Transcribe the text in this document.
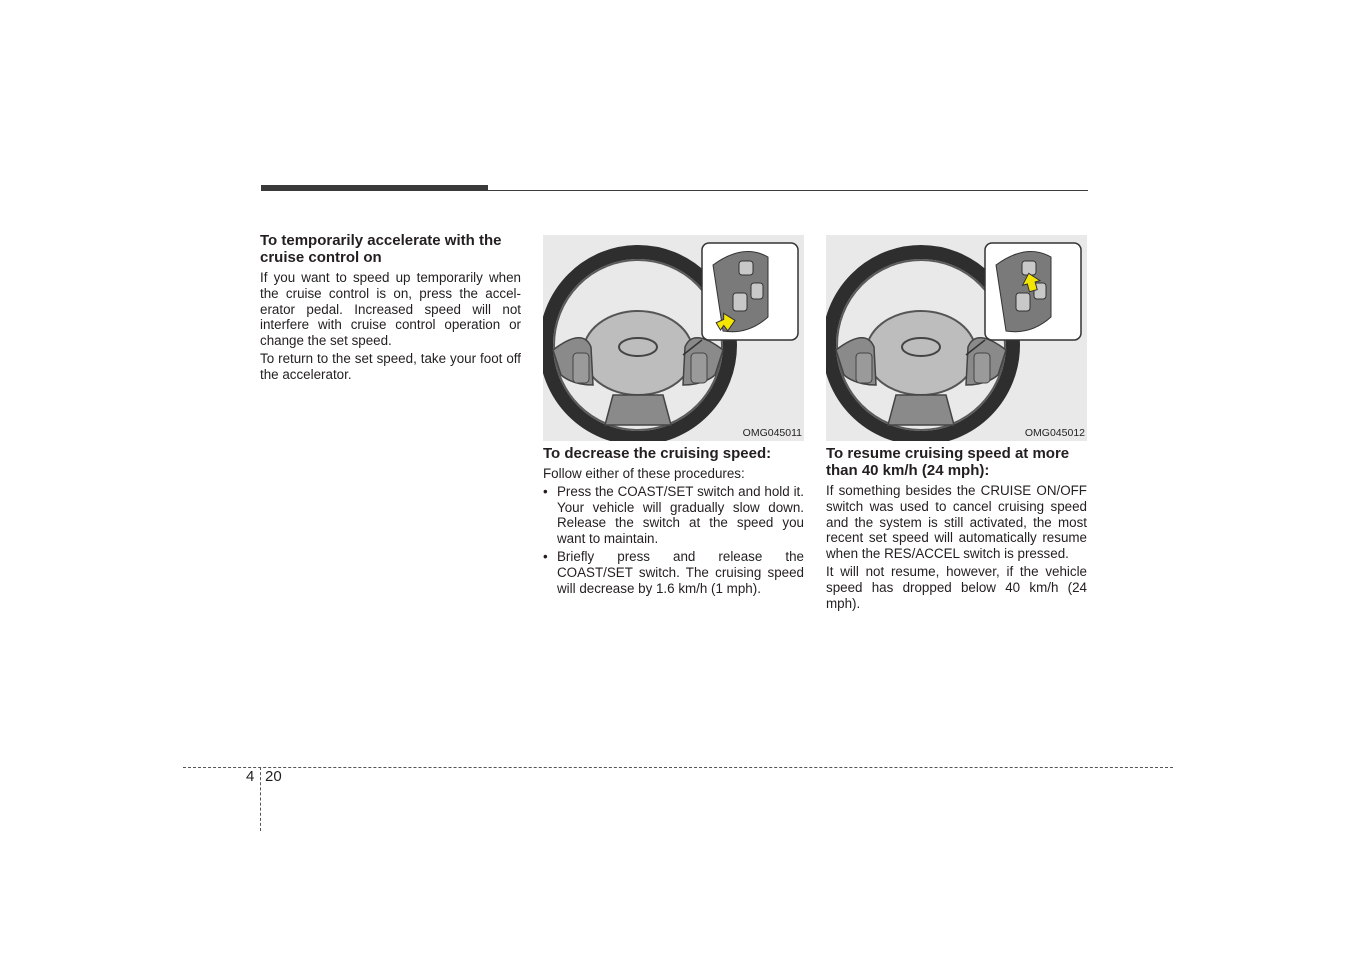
To temporarily accelerate with the cruise control on

If you want to speed up temporarily when the cruise control is on, press the accelerator pedal. Increased speed will not interfere with cruise control operation or change the set speed.

To return to the set speed, take your foot off the accelerator.

OMG045011	OMG045012
To decrease the cruising speed:

Follow either of these procedures:

• Press the COAST/SET switch and hold it. Your vehicle will gradually slow down. Release the switch at the speed you want to maintain.
• Briefly press and release the COAST/SET switch. The cruising speed will decrease by 1.6 km/h (1 mph).
To resume cruising speed at more than 40 km/h (24 mph):

If something besides the CRUISE ON/OFF switch was used to cancel cruising speed and the system is still activated, the most recent set speed will automatically resume when the RES/ACCEL switch is pressed.

It will not resume, however, if the vehicle speed has dropped below 40 km/h (24 mph).

4 20
